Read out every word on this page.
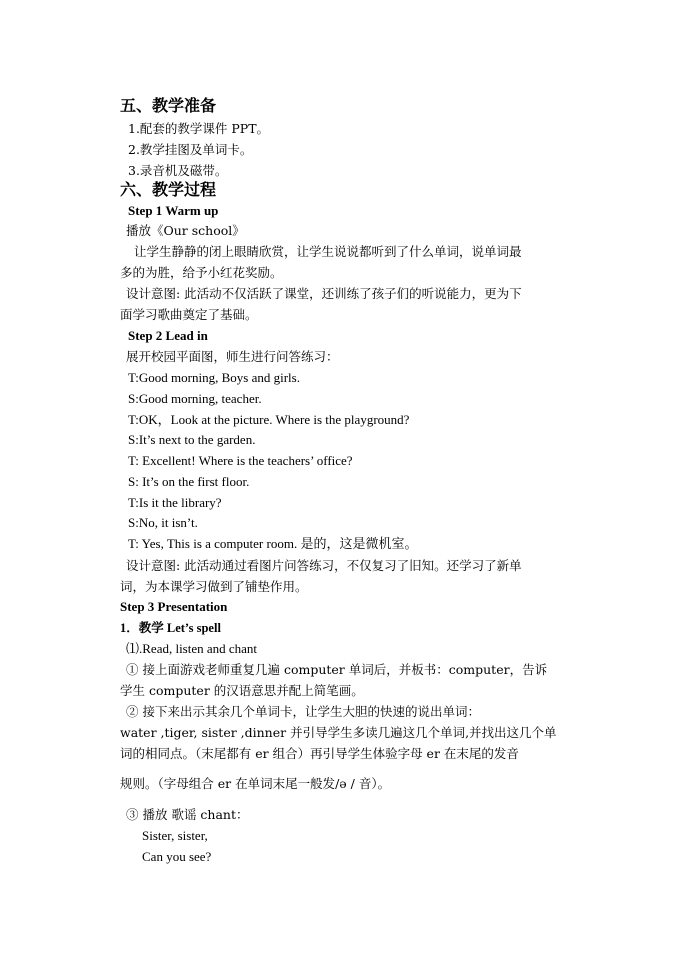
五、教学准备
1.配套的教学课件 PPT。
2.教学挂图及单词卡。
3.录音机及磁带。
六、教学过程
Step 1 Warm up
播放《Our school》
让学生静静的闭上眼睛欣赏，让学生说说都听到了什么单词，说单词最
多的为胜，给予小红花奖励。
设计意图: 此活动不仅活跃了课堂，还训练了孩子们的听说能力，更为下
面学习歌曲奠定了基础。
Step 2 Lead in
展开校园平面图，师生进行问答练习：
T:Good morning, Boys and girls.
S:Good morning, teacher.
T:OK，Look at the picture. Where is the playground?
S:It’s next to the garden.
T: Excellent! Where is the teachers’ office?
S: It’s on the first floor.
T:Is it the library?
S:No, it isn’t.
T: Yes, This is a computer room. 是的，这是微机室。
设计意图: 此活动通过看图片问答练习，不仅复习了旧知。还学习了新单
词，为本课学习做到了铺垫作用。
Step 3 Presentation
1．教学 Let’s spell
⑴.Read, listen and chant
① 接上面游戏老师重复几遍 computer 单词后，并板书：computer，告诉
学生 computer 的汉语意思并配上简笔画。
② 接下来出示其余几个单词卡，让学生大胆的快速的说出单词：
water ,tiger, sister ,dinner 并引导学生多读几遍这几个单词,并找出这几个单
词的相同点。（末尾都有 er 组合）再引导学生体验字母 er 在末尾的发音
规则。（字母组合 er 在单词末尾一般发/ə / 音）。
③ 播放 歌谣 chant：
Sister, sister,
Can you see?
